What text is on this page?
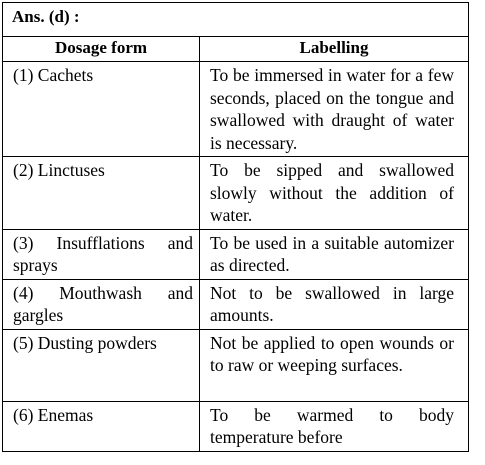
Ans. (d) :	
Dosage form	Labelling
(1) Cachets	To be immersed in water for a few seconds, placed on the tongue and swallowed with draught of water is necessary.
(2) Linctuses	To be sipped and swallowed slowly without the addition of water.
(3) Insufflations and sprays	To be used in a suitable automizer as directed.
(4) Mouthwash and gargles	Not to be swallowed in large amounts.
(5) Dusting powders	Not be applied to open wounds or to raw or weeping surfaces.
(6) Enemas	To be warmed to body temperature before
